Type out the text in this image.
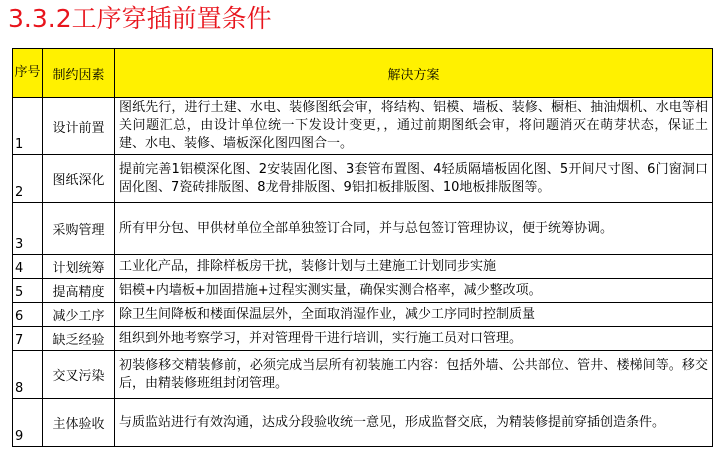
3.3.2工序穿插前置条件
序号	制约因素	解决方案
1	设计前置	图纸先行，进行土建、水电、装修图纸会审，将结构、铝模、墙板、装修、橱柜、抽油烟机、水电等相关问题汇总，由设计单位统一下发设计变更，，通过前期图纸会审，将问题消灭在萌芽状态，保证土建、水电、装修、墙板深化图四图合一。
2	图纸深化	提前完善1铝模深化图、2安装固化图、3套管布置图、4轻质隔墙板固化图、5开间尺寸图、6门窗洞口固化图、7瓷砖排版图、8龙骨排版图、9铝扣板排版图、10地板排版图等。
3	采购管理	所有甲分包、甲供材单位全部单独签订合同，并与总包签订管理协议，便于统筹协调。
4	计划统筹	工业化产品，排除样板房干扰，装修计划与土建施工计划同步实施
5	提高精度	铝模+内墙板+加固措施+过程实测实量，确保实测合格率，减少整改项。
6	减少工序	除卫生间降板和楼面保温层外，全面取消湿作业，减少工序同时控制质量
7	缺乏经验	组织到外地考察学习，并对管理骨干进行培训，实行施工员对口管理。
8	交叉污染	初装修移交精装修前，必须完成当层所有初装施工内容：包括外墙、公共部位、管井、楼梯间等。移交后，由精装修班组封闭管理。
9	主体验收	与质监站进行有效沟通，达成分段验收统一意见，形成监督交底，为精装修提前穿插创造条件。
